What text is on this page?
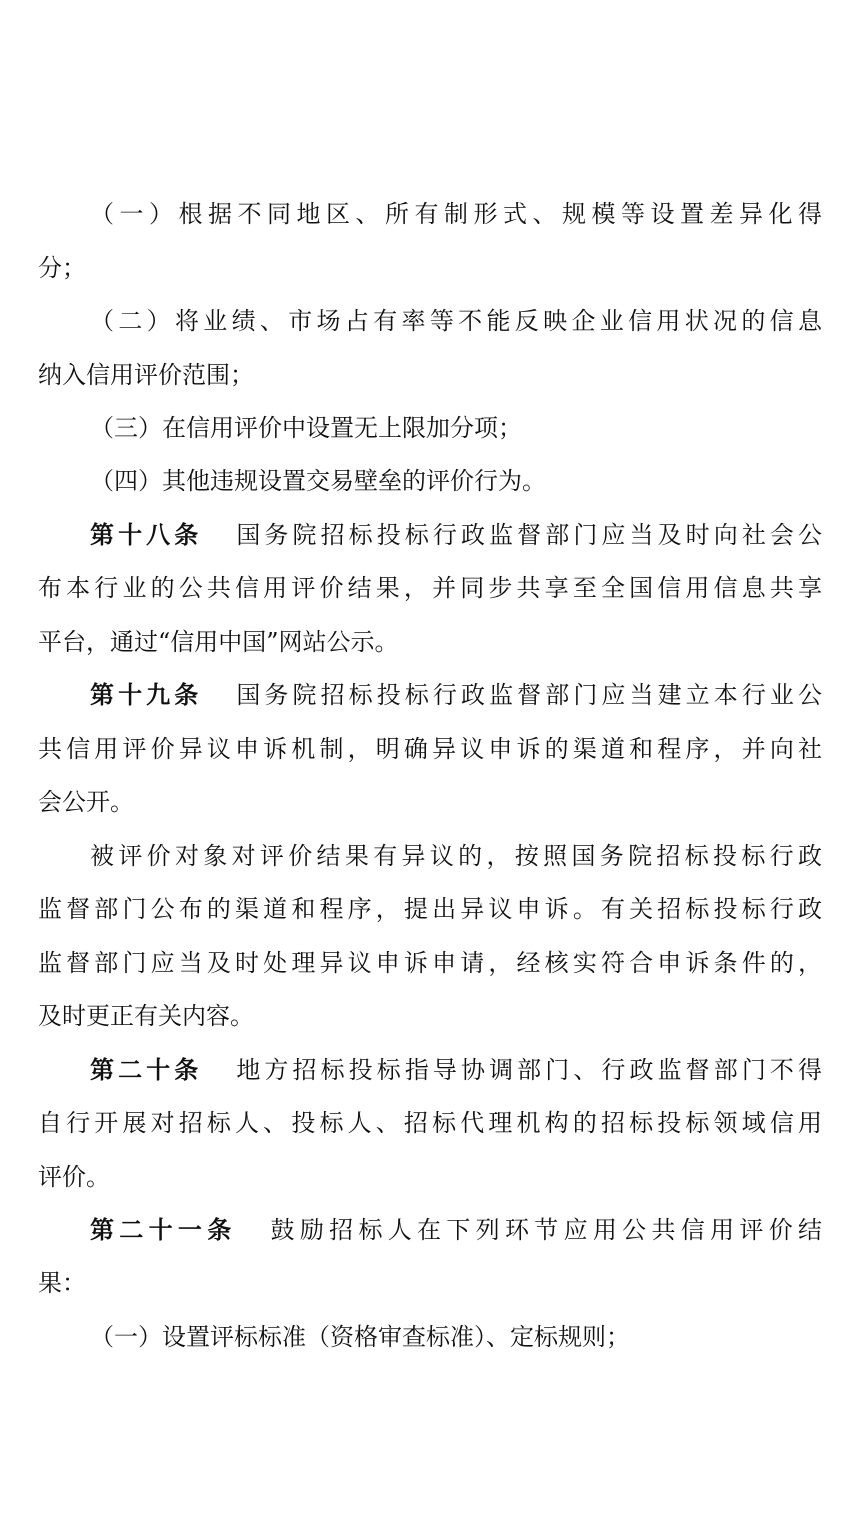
（一）根据不同地区、所有制形式、规模等设置差异化得
分；
（二）将业绩、市场占有率等不能反映企业信用状况的信息
纳入信用评价范围；
（三）在信用评价中设置无上限加分项；
（四）其他违规设置交易壁垒的评价行为。
第十八条 国务院招标投标行政监督部门应当及时向社会公
布本行业的公共信用评价结果，并同步共享至全国信用信息共享
平台，通过“信用中国”网站公示。
第十九条 国务院招标投标行政监督部门应当建立本行业公
共信用评价异议申诉机制，明确异议申诉的渠道和程序，并向社
会公开。
被评价对象对评价结果有异议的，按照国务院招标投标行政
监督部门公布的渠道和程序，提出异议申诉。有关招标投标行政
监督部门应当及时处理异议申诉申请，经核实符合申诉条件的，
及时更正有关内容。
第二十条 地方招标投标指导协调部门、行政监督部门不得
自行开展对招标人、投标人、招标代理机构的招标投标领域信用
评价。
第二十一条 鼓励招标人在下列环节应用公共信用评价结
果：
（一）设置评标标准（资格审查标准）、定标规则；
